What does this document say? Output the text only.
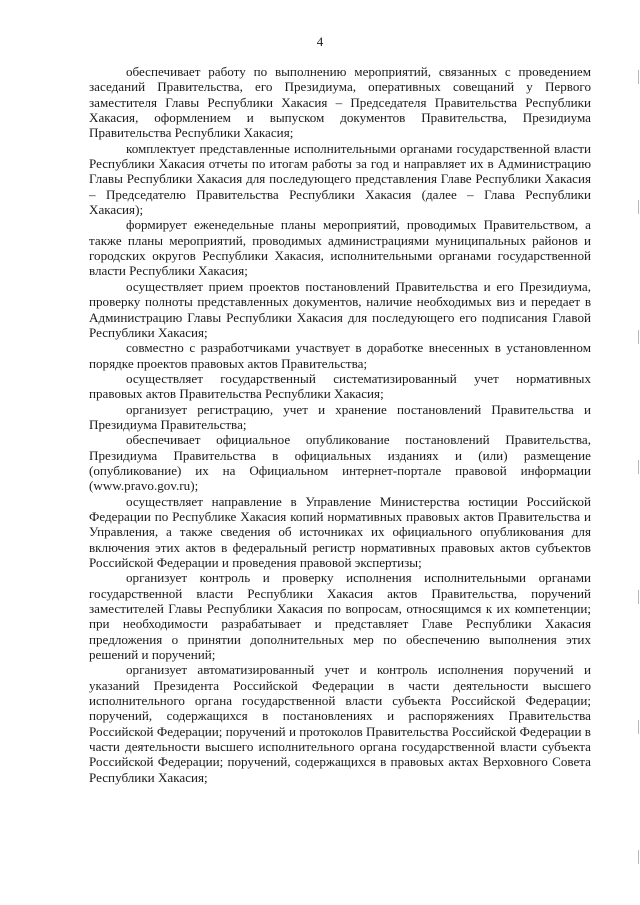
4

обеспечивает работу по выполнению мероприятий, связанных с проведением заседаний Правительства, его Президиума, оперативных совещаний у Первого заместителя Главы Республики Хакасия – Председателя Правительства Республики Хакасия, оформлением и выпуском документов Правительства, Президиума Правительства Республики Хакасия;

комплектует представленные исполнительными органами государственной власти Республики Хакасия отчеты по итогам работы за год и направляет их в Администрацию Главы Республики Хакасия для последующего представления Главе Республики Хакасия – Председателю Правительства Республики Хакасия (далее – Глава Республики Хакасия);

формирует еженедельные планы мероприятий, проводимых Правительством, а также планы мероприятий, проводимых администрациями муниципальных районов и городских округов Республики Хакасия, исполнительными органами государственной власти Республики Хакасия;

осуществляет прием проектов постановлений Правительства и его Президиума, проверку полноты представленных документов, наличие необходимых виз и передает в Администрацию Главы Республики Хакасия для последующего его подписания Главой Республики Хакасия;

совместно с разработчиками участвует в доработке внесенных в установленном порядке проектов правовых актов Правительства;

осуществляет государственный систематизированный учет нормативных правовых актов Правительства Республики Хакасия;

организует регистрацию, учет и хранение постановлений Правительства и Президиума Правительства;

обеспечивает официальное опубликование постановлений Правительства, Президиума Правительства в официальных изданиях и (или) размещение (опубликование) их на Официальном интернет-портале правовой информации (www.pravo.gov.ru);

осуществляет направление в Управление Министерства юстиции Российской Федерации по Республике Хакасия копий нормативных правовых актов Правительства и Управления, а также сведения об источниках их официального опубликования для включения этих актов в федеральный регистр нормативных правовых актов субъектов Российской Федерации и проведения правовой экспертизы;

организует контроль и проверку исполнения исполнительными органами государственной власти Республики Хакасия актов Правительства, поручений заместителей Главы Республики Хакасия по вопросам, относящимся к их компетенции; при необходимости разрабатывает и представляет Главе Республики Хакасия предложения о принятии дополнительных мер по обеспечению выполнения этих решений и поручений;

организует автоматизированный учет и контроль исполнения поручений и указаний Президента Российской Федерации в части деятельности высшего исполнительного органа государственной власти субъекта Российской Федерации; поручений, содержащихся в постановлениях и распоряжениях Правительства Российской Федерации; поручений и протоколов Правительства Российской Федерации в части деятельности высшего исполнительного органа государственной власти субъекта Российской Федерации; поручений, содержащихся в правовых актах Верховного Совета Республики Хакасия;
